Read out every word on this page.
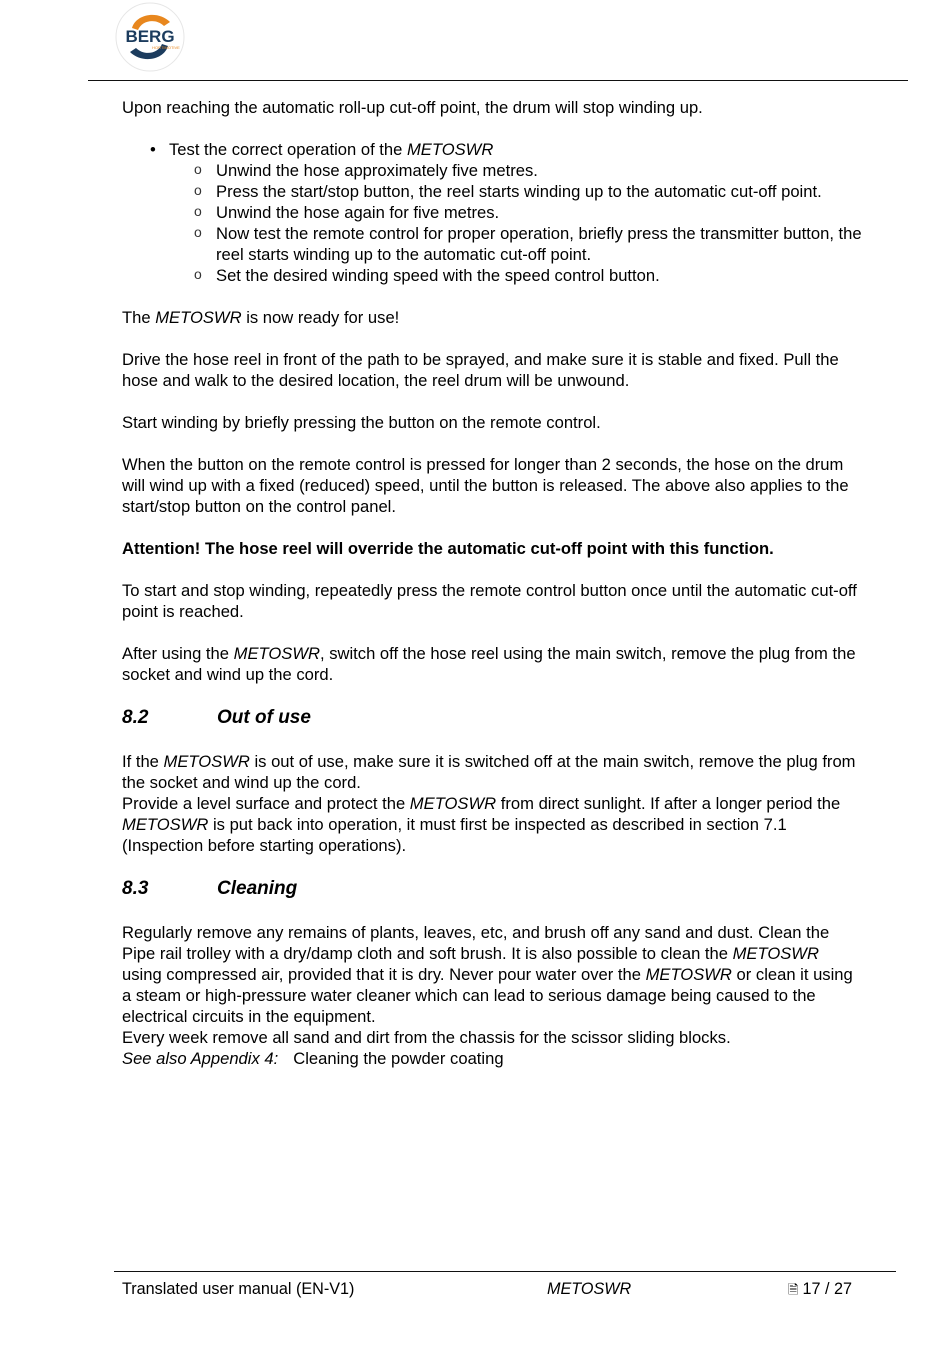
BERG
HORTIMOTIVE

Upon reaching the automatic roll-up cut-off point, the drum will stop winding up.

• Test the correct operation of the METOSWR
o Unwind the hose approximately five metres.
o Press the start/stop button, the reel starts winding up to the automatic cut-off point.
o Unwind the hose again for five metres.
o Now test the remote control for proper operation, briefly press the transmitter button, the reel starts winding up to the automatic cut-off point.
o Set the desired winding speed with the speed control button.

The METOSWR is now ready for use!

Drive the hose reel in front of the path to be sprayed, and make sure it is stable and fixed. Pull the hose and walk to the desired location, the reel drum will be unwound.

Start winding by briefly pressing the button on the remote control.

When the button on the remote control is pressed for longer than 2 seconds, the hose on the drum will wind up with a fixed (reduced) speed, until the button is released. The above also applies to the start/stop button on the control panel.

Attention! The hose reel will override the automatic cut-off point with this function.

To start and stop winding, repeatedly press the remote control button once until the automatic cut-off point is reached.

After using the METOSWR, switch off the hose reel using the main switch, remove the plug from the socket and wind up the cord.

8.2	Out of use

If the METOSWR is out of use, make sure it is switched off at the main switch, remove the plug from the socket and wind up the cord.

Provide a level surface and protect the METOSWR from direct sunlight. If after a longer period the METOSWR is put back into operation, it must first be inspected as described in section 7.1 (Inspection before starting operations).

8.3	Cleaning

Regularly remove any remains of plants, leaves, etc, and brush off any sand and dust. Clean the Pipe rail trolley with a dry/damp cloth and soft brush. It is also possible to clean the METOSWR using compressed air, provided that it is dry. Never pour water over the METOSWR or clean it using a steam or high-pressure water cleaner which can lead to serious damage being caused to the electrical circuits in the equipment.

Every week remove all sand and dirt from the chassis for the scissor sliding blocks.

See also Appendix 4: Cleaning the powder coating

Translated user manual (EN-V1)	METOSWR	🗎 17 / 27
